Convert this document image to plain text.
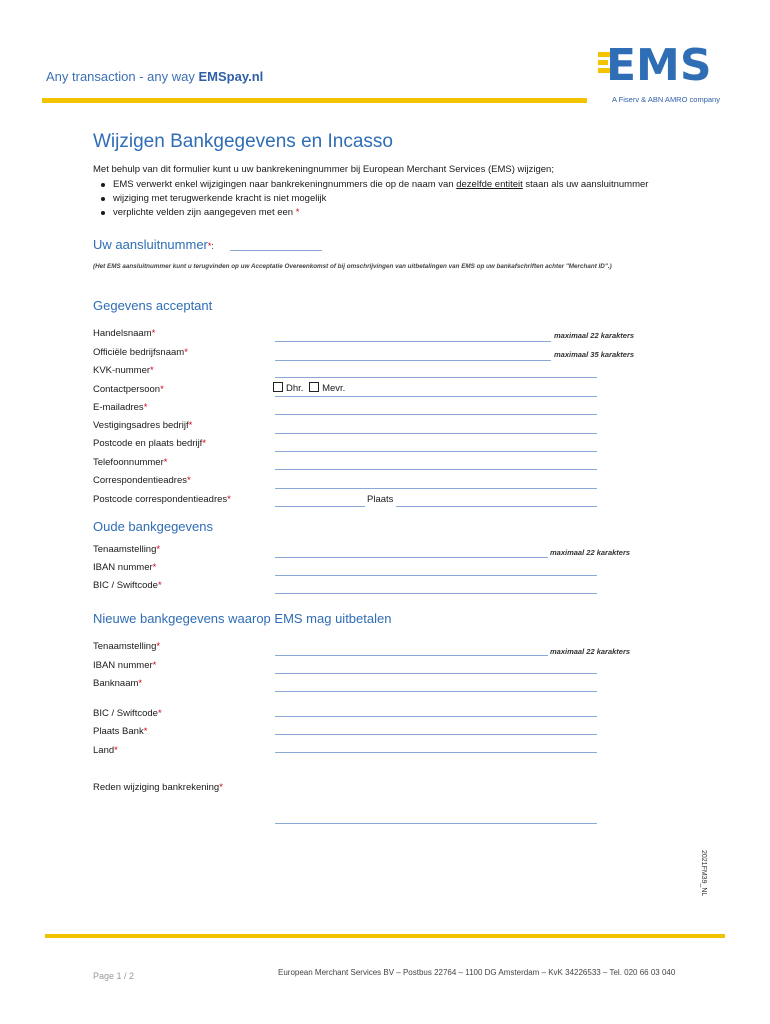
Any transaction - any way EMSpay.nl	EMS
A Fiserv & ABN AMRO company
Wijzigen Bankgegevens en Incasso
Met behulp van dit formulier kunt u uw bankrekeningnummer bij European Merchant Services (EMS) wijzigen;
EMS verwerkt enkel wijzigingen naar bankrekeningnummers die op de naam van dezelfde entiteit staan als uw aansluitnummer
wijziging met terugwerkende kracht is niet mogelijk
verplichte velden zijn aangegeven met een *
Uw aansluitnummer*:
(Het EMS aansluitnummer kunt u terugvinden op uw Acceptatie Overeenkomst of bij omschrijvingen van uitbetalingen van EMS op uw bankafschriften achter "Merchant ID".)
Gegevens acceptant
Handelsnaam*	maximaal 22 karakters
Officiële bedrijfsnaam*	maximaal 35 karakters
KVK-nummer*
Contactpersoon*	Dhr. Mevr.
E-mailadres*
Vestigingsadres bedrijf*
Postcode en plaats bedrijf*
Telefoonnummer*
Correspondentieadres*
Postcode correspondentieadres*	Plaats
Oude bankgegevens
Tenaamstelling*	maximaal 22 karakters
IBAN nummer*
BIC / Swiftcode*
Nieuwe bankgegevens waarop EMS mag uitbetalen
Tenaamstelling*	maximaal 22 karakters
IBAN nummer*
Banknaam*
BIC / Swiftcode*
Plaats Bank*
Land*
Reden wijziging bankrekening*
2021FM39_NL
Page 1 / 2	European Merchant Services BV – Postbus 22764 – 1100 DG Amsterdam – KvK 34226533 – Tel. 020 66 03 040
